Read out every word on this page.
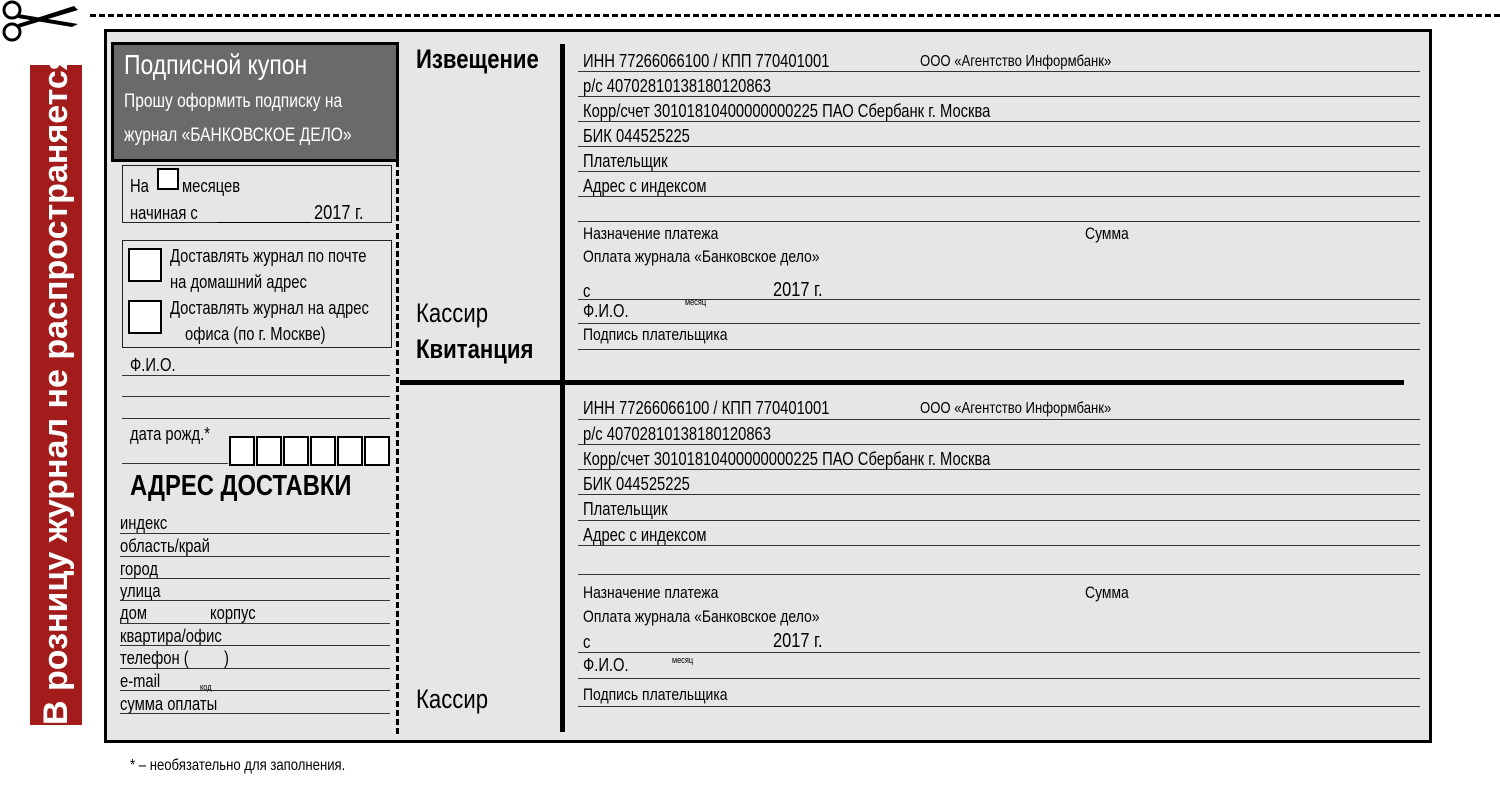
В розницу журнал не распространяется! Подписной купон
Прошу оформить подписку на
журнал «БАНКОВСКОЕ ДЕЛО»
На месяцев
начиная с	2017 г.
Доставлять журнал по почте
на домашний адрес
Доставлять журнал на адрес
офиса (по г. Москве)
Ф.И.О.
дата рожд.*
АДРЕС ДОСТАВКИ
индекс
область/край
город
улица
дом	корпус
квартира/офис
телефон (	)
e-mail	код
сумма оплаты
Извещение
Кассир
Квитанция
Кассир
ИНН 77266066100 / КПП 770401001	ООО «Агентство Информбанк»
р/с 40702810138180120863
Корр/счет 30101810400000000225 ПАО Сбербанк г. Москва
БИК 044525225
Плательщик
Адрес с индексом
Назначение платежа	Сумма
Оплата журнала «Банковское дело»
с	2017 г.
Ф.И.О.	месяц
Подпись плательщика
ИНН 77266066100 / КПП 770401001	ООО «Агентство Информбанк»
р/с 40702810138180120863
Корр/счет 30101810400000000225 ПАО Сбербанк г. Москва
БИК 044525225
Плательщик
Адрес с индексом
Назначение платежа	Сумма
Оплата журнала «Банковское дело»
с	2017 г.
Ф.И.О.	месяц
Подпись плательщика
* – необязательно для заполнения.
